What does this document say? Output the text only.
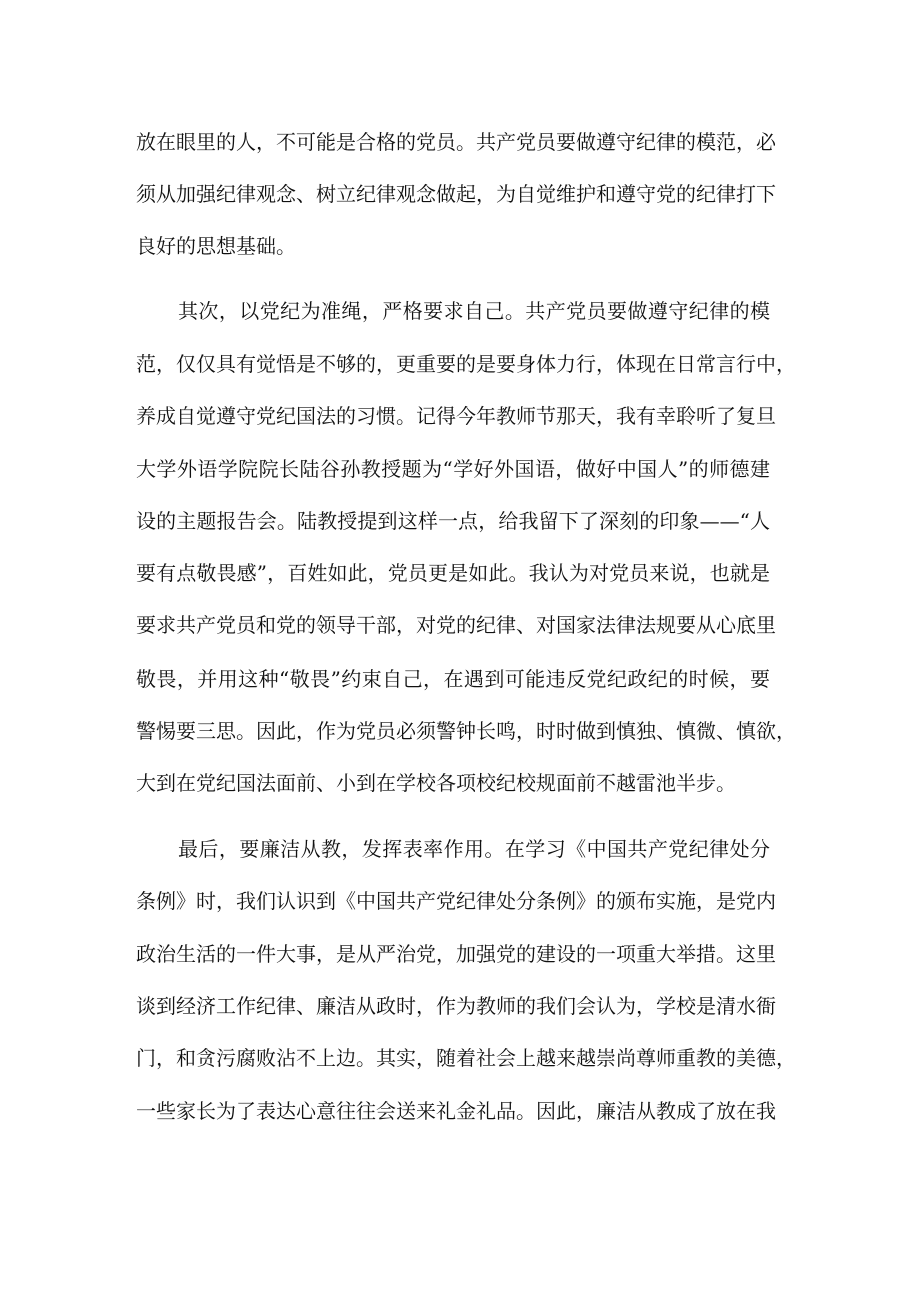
放在眼里的人，不可能是合格的党员。共产党员要做遵守纪律的模范，必
须从加强纪律观念、树立纪律观念做起，为自觉维护和遵守党的纪律打下
良好的思想基础。
其次，以党纪为准绳，严格要求自己。共产党员要做遵守纪律的模
范，仅仅具有觉悟是不够的，更重要的是要身体力行，体现在日常言行中，
养成自觉遵守党纪国法的习惯。记得今年教师节那天，我有幸聆听了复旦
大学外语学院院长陆谷孙教授题为“学好外国语，做好中国人”的师德建
设的主题报告会。陆教授提到这样一点，给我留下了深刻的印象——“人
要有点敬畏感”，百姓如此，党员更是如此。我认为对党员来说，也就是
要求共产党员和党的领导干部，对党的纪律、对国家法律法规要从心底里
敬畏，并用这种“敬畏”约束自己，在遇到可能违反党纪政纪的时候，要
警惕要三思。因此，作为党员必须警钟长鸣，时时做到慎独、慎微、慎欲，
大到在党纪国法面前、小到在学校各项校纪校规面前不越雷池半步。
最后，要廉洁从教，发挥表率作用。在学习《中国共产党纪律处分
条例》时，我们认识到《中国共产党纪律处分条例》的颁布实施，是党内
政治生活的一件大事，是从严治党，加强党的建设的一项重大举措。这里
谈到经济工作纪律、廉洁从政时，作为教师的我们会认为，学校是清水衙
门，和贪污腐败沾不上边。其实，随着社会上越来越崇尚尊师重教的美德，
一些家长为了表达心意往往会送来礼金礼品。因此，廉洁从教成了放在我
